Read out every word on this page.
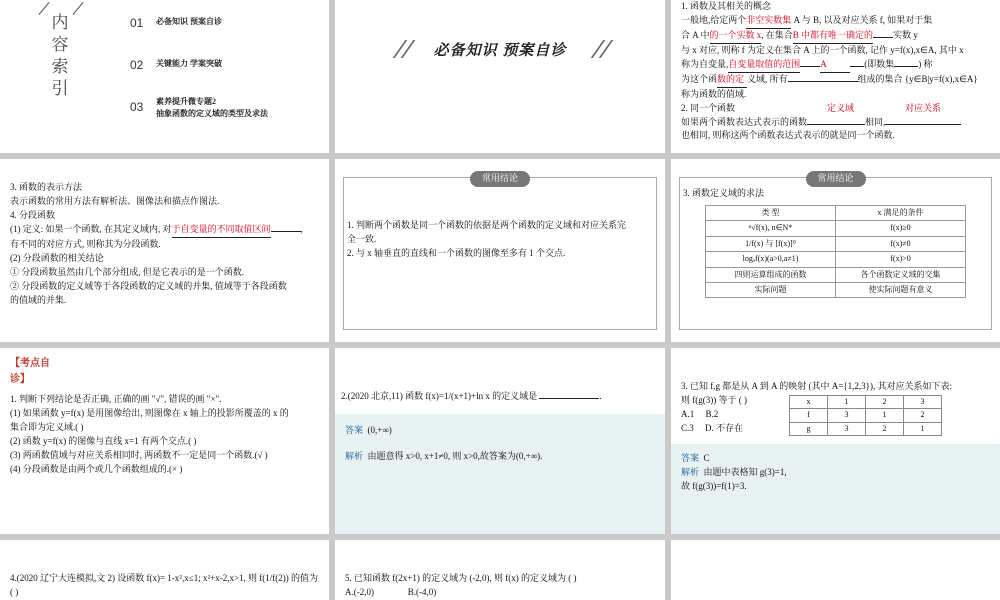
内
容
索
引
01	必备知识 预案自诊
02	关键能力 学案突破
03	素养提升微专题2
抽象函数的定义域的类型及求法
必备知识 预案自诊
1. 函数及其相关的概念
一般地,给定两个非空实数集 A 与 B, 以及对应关系 f, 如果对于集
合 A 中的一个实数 x, 在集合B 中都有唯一确定的 实数 y
与 x 对应, 则称 f 为定义在集合 A 上的一个函数, 记作 y=f(x),x∈A, 其中 x
称为自变量,自变量取值的范围 A	(即数集	) 称
为这个函数的定 义域, 所有	组成的集合 {y∈B|y=f(x),x∈A}
称为函数的值域.
2. 同一个函数	定义域	对应关系
如果两个函数表达式表示的函数	相同,
也相同, 则称这两个函数表达式表示的就是同一个函数.
3. 函数的表示方法
表示函数的常用方法有解析法、图像法和描点作图法.
4. 分段函数
(1) 定义: 如果一个函数, 在其定义域内, 对于自变量的不同取值区间	,
有不同的对应方式, 则称其为分段函数.
(2) 分段函数的相关结论
① 分段函数虽然由几个部分组成, 但是它表示的是一个函数.
② 分段函数的定义域等于各段函数的定义域的并集, 值域等于各段函数
的值域的并集.
常用结论
1. 判断两个函数是同一个函数的依据是两个函数的定义域和对应关系完
全一致.
2. 与 x 轴垂直的直线和一个函数的图像至多有 1 个交点.
常用结论
3. 函数定义域的求法
类 型	x 满足的条件
ⁿ√f(x), n∈N*	f(x)≥0
1/f(x) 与 [f(x)]⁰	f(x)≠0
logₐf(x)(a>0,a≠1)	f(x)>0
四则运算组成的函数	各个函数定义域的交集
实际问题	使实际问题有意义
【考点自
诊】
1. 判断下列结论是否正确, 正确的画 "√", 错误的画 "×".
(1) 如果函数 y=f(x) 是用图像给出, 则图像在 x 轴上的投影所覆盖的 x 的
集合即为定义域.( )
(2) 函数 y=f(x) 的图像与直线 x=1 有两个交点.( )
(3) 两函数值域与对应关系相同时, 两函数不一定是同一个函数.(√ )
(4) 分段函数是由两个或几个函数组成的.(× )
2.(2020 北京,11) 函数 f(x)=1/(x+1)+ln x 的定义域是	.
答案 (0,+∞)
解析 由题意得 x>0, x+1≠0, 则 x>0,故答案为(0,+∞).
3. 已知 f,g 都是从 A 到 A 的映射 (其中 A={1,2,3}), 其对应关系如下表:
则 f(g(3)) 等于 ( )
A.1 B.2
C.3 D. 不存在
x	1	2	3
f	3	1	2
g	3	2	1
答案 C
解析 由题中表格知 g(3)=1,
故 f(g(3))=f(1)=3.
4.(2020 辽宁大连模拟,文 2) 设函数 f(x)= 1-x²,x≤1; x²+x-2,x>1, 则 f(1/f(2)) 的值为
( )
5. 已知函数 f(2x+1) 的定义域为 (-2,0), 则 f(x) 的定义域为 ( )
A.(-2,0)	B.(-4,0)
